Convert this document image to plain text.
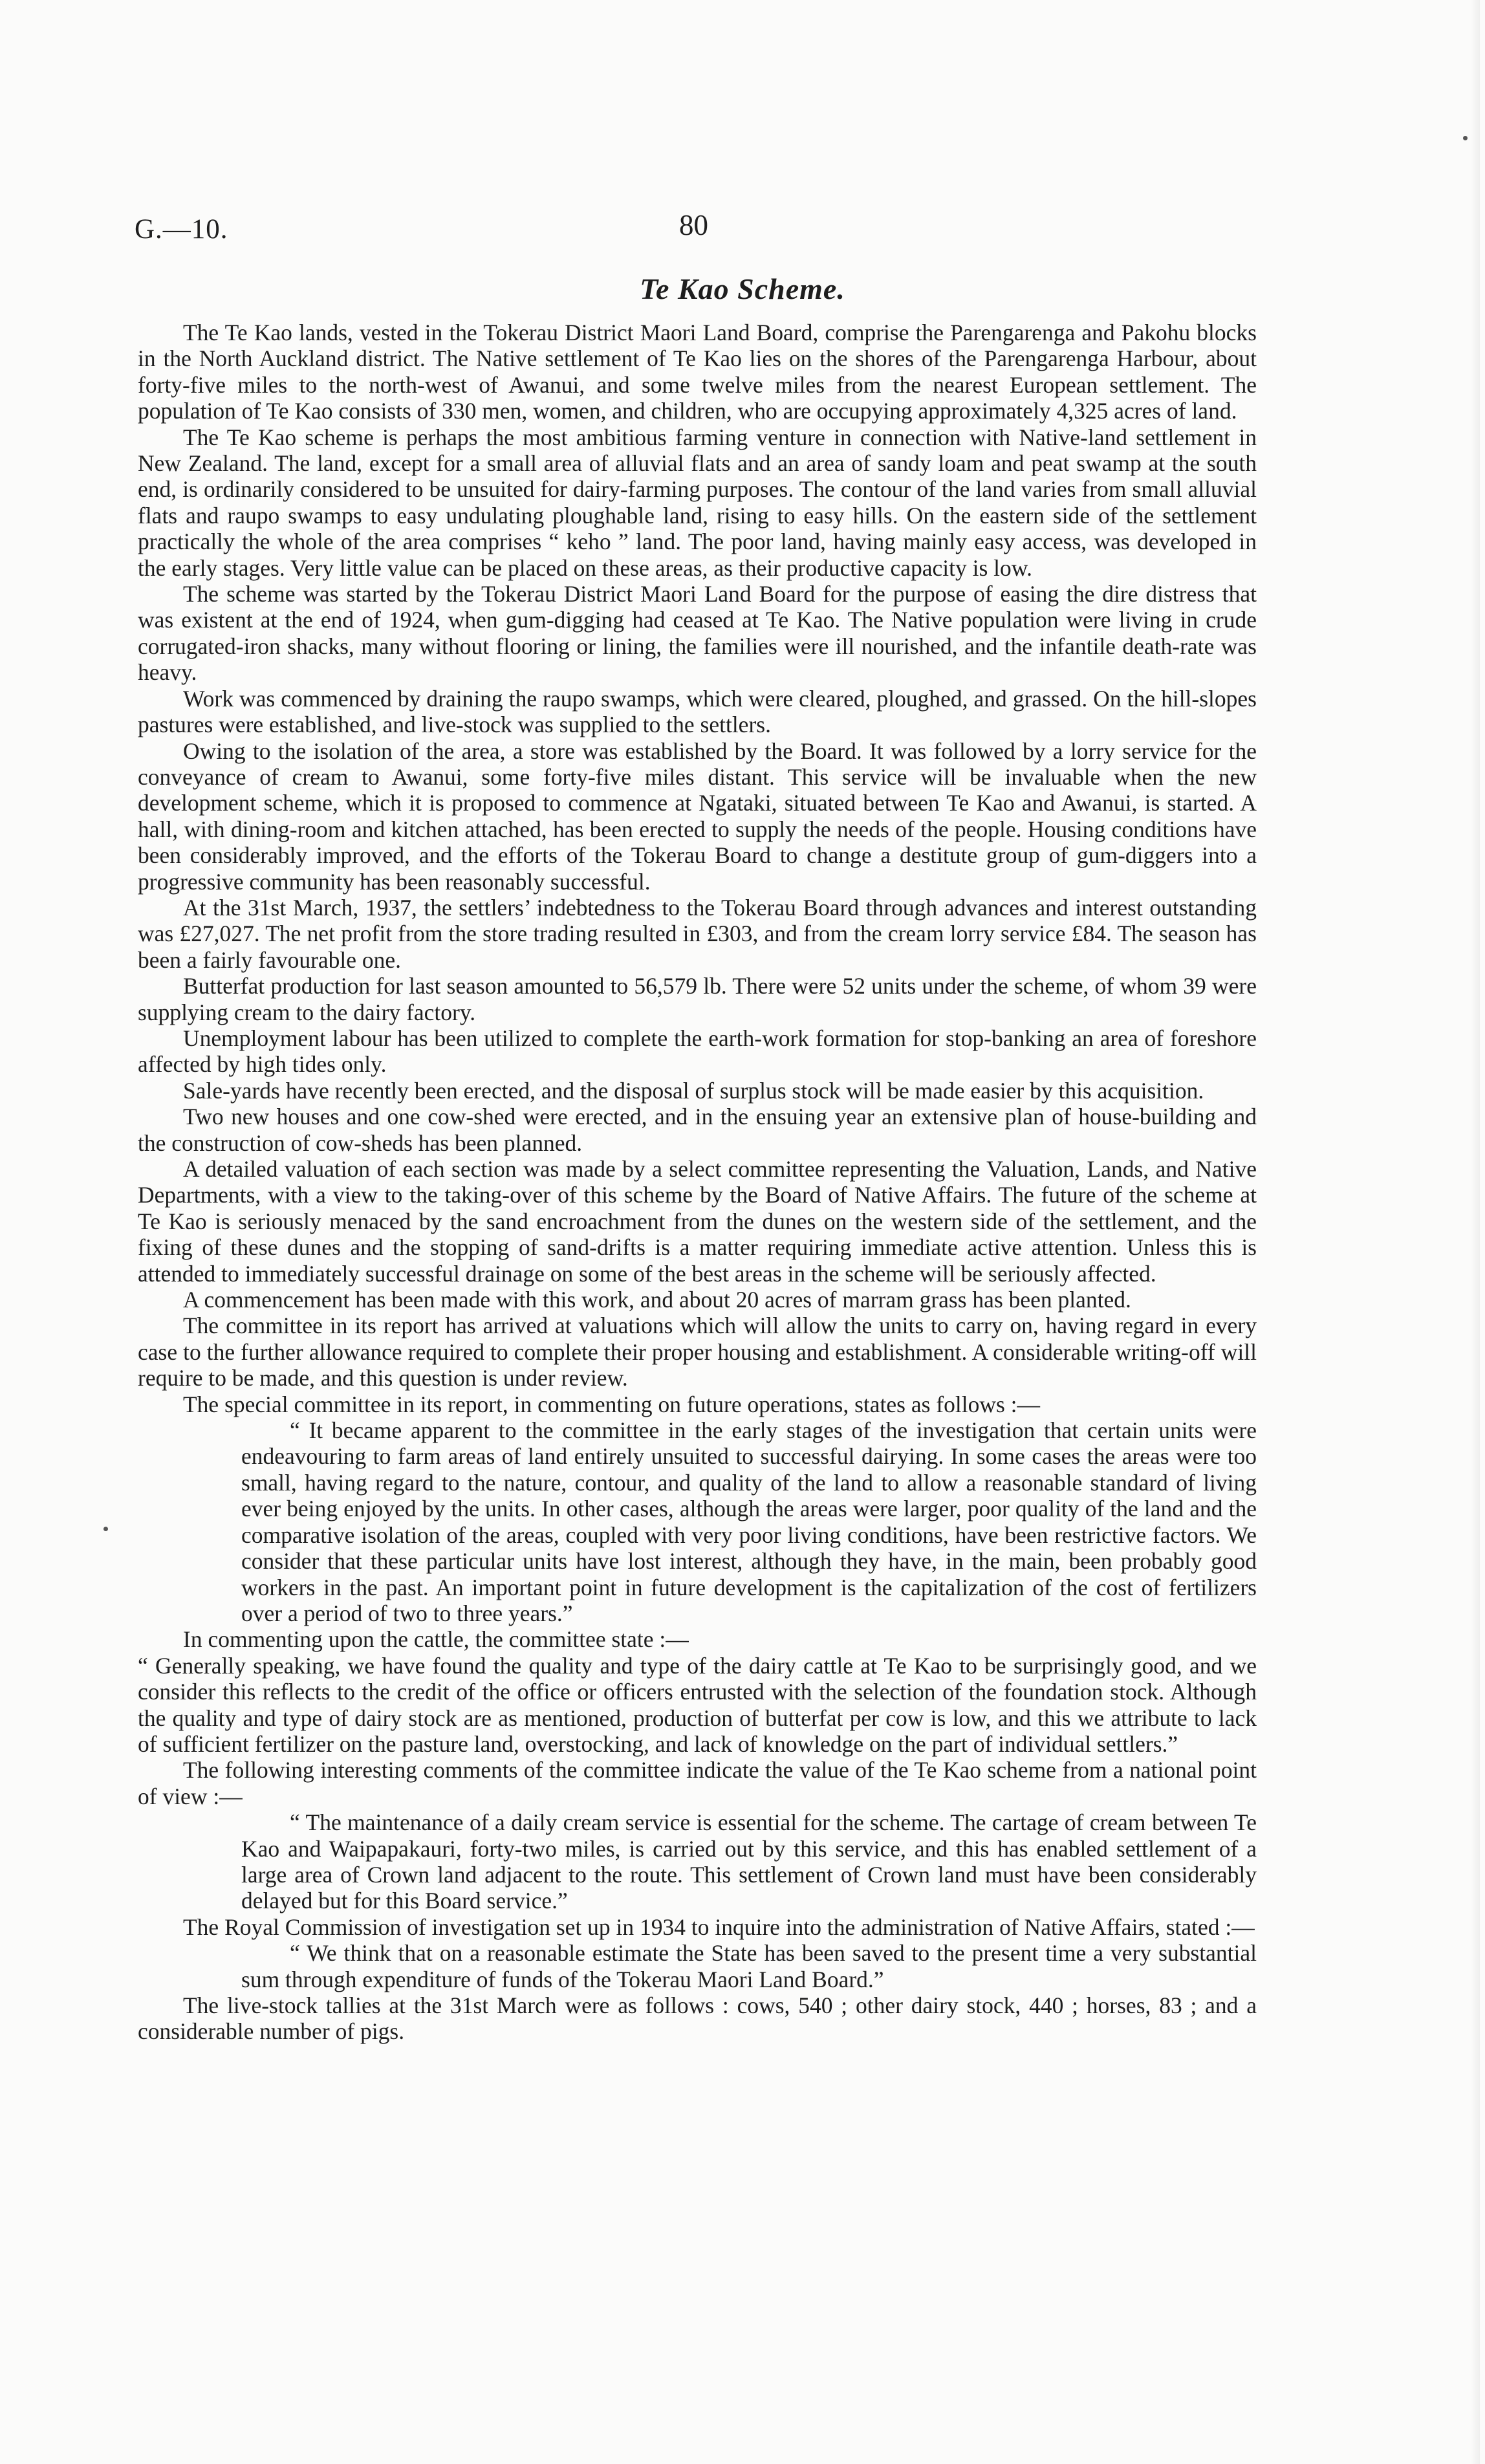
G.—10.	80
Te Kao Scheme.

The Te Kao lands, vested in the Tokerau District Maori Land Board, comprise the Parengarenga and Pakohu blocks in the North Auckland district. The Native settlement of Te Kao lies on the shores of the Parengarenga Harbour, about forty-five miles to the north-west of Awanui, and some twelve miles from the nearest European settlement. The population of Te Kao consists of 330 men, women, and children, who are occupying approximately 4,325 acres of land.

The Te Kao scheme is perhaps the most ambitious farming venture in connection with Native-land settlement in New Zealand. The land, except for a small area of alluvial flats and an area of sandy loam and peat swamp at the south end, is ordinarily considered to be unsuited for dairy-farming purposes. The contour of the land varies from small alluvial flats and raupo swamps to easy undulating ploughable land, rising to easy hills. On the eastern side of the settlement practically the whole of the area comprises “ keho ” land. The poor land, having mainly easy access, was developed in the early stages. Very little value can be placed on these areas, as their productive capacity is low.

The scheme was started by the Tokerau District Maori Land Board for the purpose of easing the dire distress that was existent at the end of 1924, when gum-digging had ceased at Te Kao. The Native population were living in crude corrugated-iron shacks, many without flooring or lining, the families were ill nourished, and the infantile death-rate was heavy.

Work was commenced by draining the raupo swamps, which were cleared, ploughed, and grassed. On the hill-slopes pastures were established, and live-stock was supplied to the settlers.

Owing to the isolation of the area, a store was established by the Board. It was followed by a lorry service for the conveyance of cream to Awanui, some forty-five miles distant. This service will be invaluable when the new development scheme, which it is proposed to commence at Ngataki, situated between Te Kao and Awanui, is started. A hall, with dining-room and kitchen attached, has been erected to supply the needs of the people. Housing conditions have been considerably improved, and the efforts of the Tokerau Board to change a destitute group of gum-diggers into a progressive community has been reasonably successful.

At the 31st March, 1937, the settlers’ indebtedness to the Tokerau Board through advances and interest outstanding was £27,027. The net profit from the store trading resulted in £303, and from the cream lorry service £84. The season has been a fairly favourable one.

Butterfat production for last season amounted to 56,579 lb. There were 52 units under the scheme, of whom 39 were supplying cream to the dairy factory.

Unemployment labour has been utilized to complete the earth-work formation for stop-banking an area of foreshore affected by high tides only.

Sale-yards have recently been erected, and the disposal of surplus stock will be made easier by this acquisition.

Two new houses and one cow-shed were erected, and in the ensuing year an extensive plan of house-building and the construction of cow-sheds has been planned.

A detailed valuation of each section was made by a select committee representing the Valuation, Lands, and Native Departments, with a view to the taking-over of this scheme by the Board of Native Affairs. The future of the scheme at Te Kao is seriously menaced by the sand encroachment from the dunes on the western side of the settlement, and the fixing of these dunes and the stopping of sand-drifts is a matter requiring immediate active attention. Unless this is attended to immediately successful drainage on some of the best areas in the scheme will be seriously affected.

A commencement has been made with this work, and about 20 acres of marram grass has been planted.

The committee in its report has arrived at valuations which will allow the units to carry on, having regard in every case to the further allowance required to complete their proper housing and establishment. A considerable writing-off will require to be made, and this question is under review.

The special committee in its report, in commenting on future operations, states as follows :—

“ It became apparent to the committee in the early stages of the investigation that certain units were endeavouring to farm areas of land entirely unsuited to successful dairying. In some cases the areas were too small, having regard to the nature, contour, and quality of the land to allow a reasonable standard of living ever being enjoyed by the units. In other cases, although the areas were larger, poor quality of the land and the comparative isolation of the areas, coupled with very poor living conditions, have been restrictive factors. We consider that these particular units have lost interest, although they have, in the main, been probably good workers in the past. An important point in future development is the capitalization of the cost of fertilizers over a period of two to three years.”

In commenting upon the cattle, the committee state :—

“ Generally speaking, we have found the quality and type of the dairy cattle at Te Kao to be surprisingly good, and we consider this reflects to the credit of the office or officers entrusted with the selection of the foundation stock. Although the quality and type of dairy stock are as mentioned, production of butterfat per cow is low, and this we attribute to lack of sufficient fertilizer on the pasture land, overstocking, and lack of knowledge on the part of individual settlers.”

The following interesting comments of the committee indicate the value of the Te Kao scheme from a national point of view :—

“ The maintenance of a daily cream service is essential for the scheme. The cartage of cream between Te Kao and Waipapakauri, forty-two miles, is carried out by this service, and this has enabled settlement of a large area of Crown land adjacent to the route. This settlement of Crown land must have been considerably delayed but for this Board service.”

The Royal Commission of investigation set up in 1934 to inquire into the administration of Native Affairs, stated :—

“ We think that on a reasonable estimate the State has been saved to the present time a very substantial sum through expenditure of funds of the Tokerau Maori Land Board.”

The live-stock tallies at the 31st March were as follows : cows, 540 ; other dairy stock, 440 ; horses, 83 ; and a considerable number of pigs.
